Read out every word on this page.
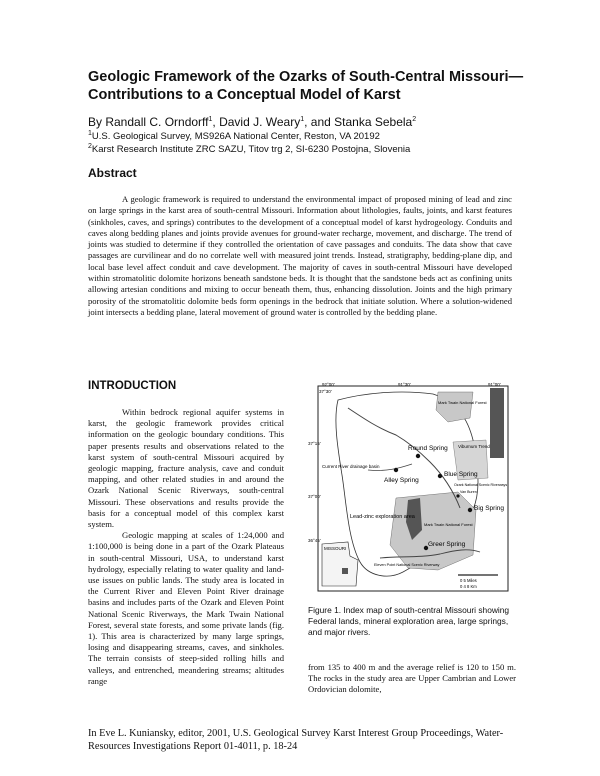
Geologic Framework of the Ozarks of South-Central Missouri—Contributions to a Conceptual Model of Karst
By Randall C. Orndorff$^1$, David J. Weary$^1$, and Stanka Sebela$^2$
$^1$U.S. Geological Survey, MS926A National Center, Reston, VA 20192
$^2$Karst Research Institute ZRC SAZU, Titov trg 2, SI-6230 Postojna, Slovenia
Abstract

A geologic framework is required to understand the environmental impact of proposed mining of lead and zinc on large springs in the karst area of south-central Missouri. Information about lithologies, faults, joints, and karst features (sinkholes, caves, and springs) contributes to the development of a conceptual model of karst hydrogeology. Conduits and caves along bedding planes and joints provide avenues for ground-water recharge, movement, and discharge. The trend of joints was studied to determine if they controlled the orientation of cave passages and conduits. The data show that cave passages are curvilinear and do no correlate well with measured joint trends. Instead, stratigraphy, bedding-plane dip, and local base level affect conduit and cave development. The majority of caves in south-central Missouri have developed within stromatolitic dolomite horizons beneath sandstone beds. It is thought that the sandstone beds act as confining units allowing artesian conditions and mixing to occur beneath them, thus, enhancing dissolution. Joints and the high primary porosity of the stromatolitic dolomite beds form openings in the bedrock that initiate solution. Where a solution-widened joint intersects a bedding plane, lateral movement of ground water is controlled by the bedding plane.

INTRODUCTION

Within bedrock regional aquifer systems in karst, the geologic framework provides critical information on the geologic boundary conditions. This paper presents results and observations related to the karst system of south-central Missouri acquired by geologic mapping, fracture analysis, cave and conduit mapping, and other related studies in and around the Ozark National Scenic Riverways, south-central Missouri. These observations and results provide the basis for a conceptual model of this complex karst system.

Geologic mapping at scales of 1:24,000 and 1:100,000 is being done in a part of the Ozark Plateaus in south-central Missouri, USA, to understand karst hydrology, especially relating to water quality and land-use issues on public lands. The study area is located in the Current River and Eleven Point River drainage basins and includes parts of the Ozark and Eleven Point National Scenic Riverways, the Mark Twain National Forest, several state forests, and some private lands (fig. 1). This area is characterized by many large springs, losing and disappearing streams, caves, and sinkholes. The terrain consists of steep-sided rolling hills and valleys, and entrenched, meandering streams; altitudes range

92°00'	91°30'	91°00'
37°30'
37°15'
37°00'
36°45'
Mark Twain National Forest
Viburnum Trend
Round Spring
Current River drainage basin
Alley Spring
Blue Spring
Ozark National Scenic Riverways
Van Buren
Big Spring
Lead-zinc exploration area
Mark Twain National Forest
Greer Spring
MISSOURI
Eleven Point National Scenic Riverway
0 5 Miles
0 4 8 Km
Figure 1. Index map of south-central Missouri showing Federal lands, mineral exploration area, large springs, and major rivers.
from 135 to 400 m and the average relief is 120 to 150 m. The rocks in the study area are Upper Cambrian and Lower Ordovician dolomite,
In Eve L. Kuniansky, editor, 2001, U.S. Geological Survey Karst Interest Group Proceedings, Water-Resources Investigations Report 01-4011, p. 18-24
